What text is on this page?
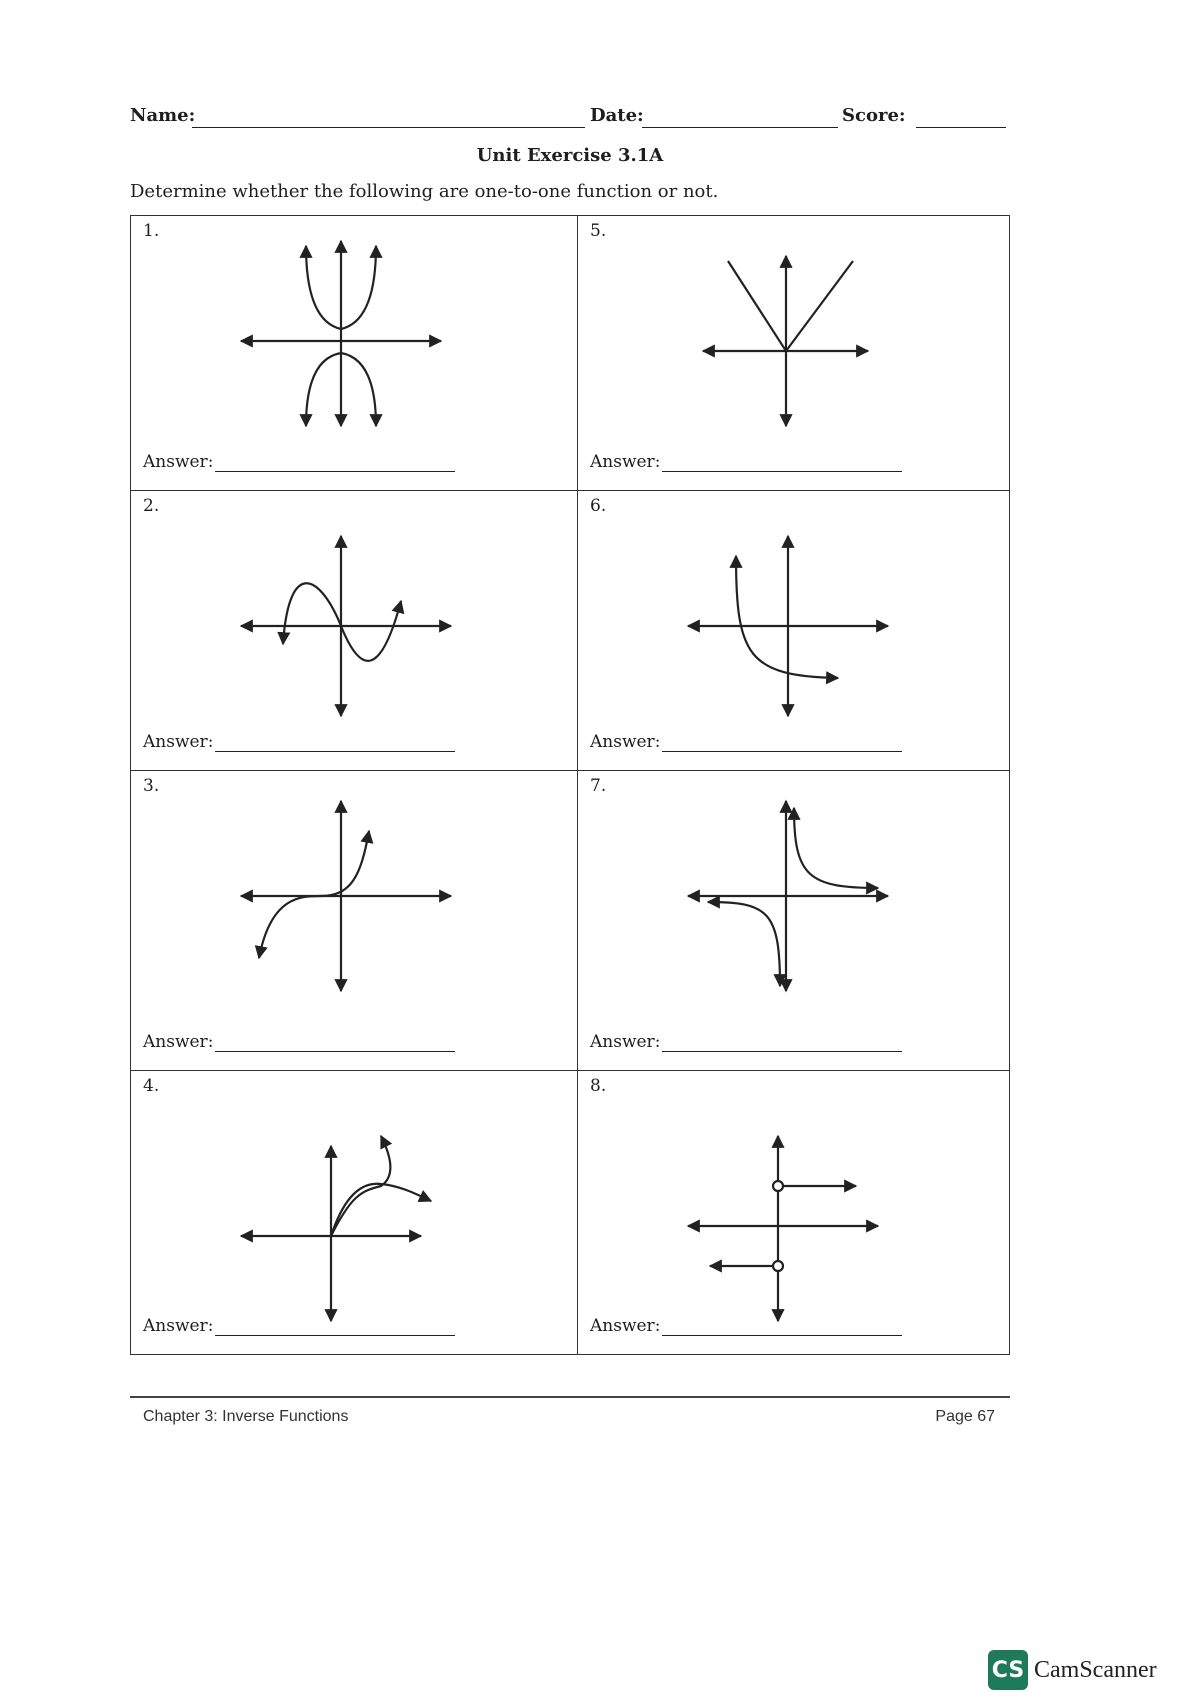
Name:	Date:	Score:
Unit Exercise 3.1A
Determine whether the following are one-to-one function or not.
1.
Answer:
5.
Answer:
2.
Answer:
6.
Answer:
3.
Answer:
7.
Answer:
4.
Answer:
8.
Answer:
Chapter 3: Inverse Functions	Page 67
CS CamScanner
